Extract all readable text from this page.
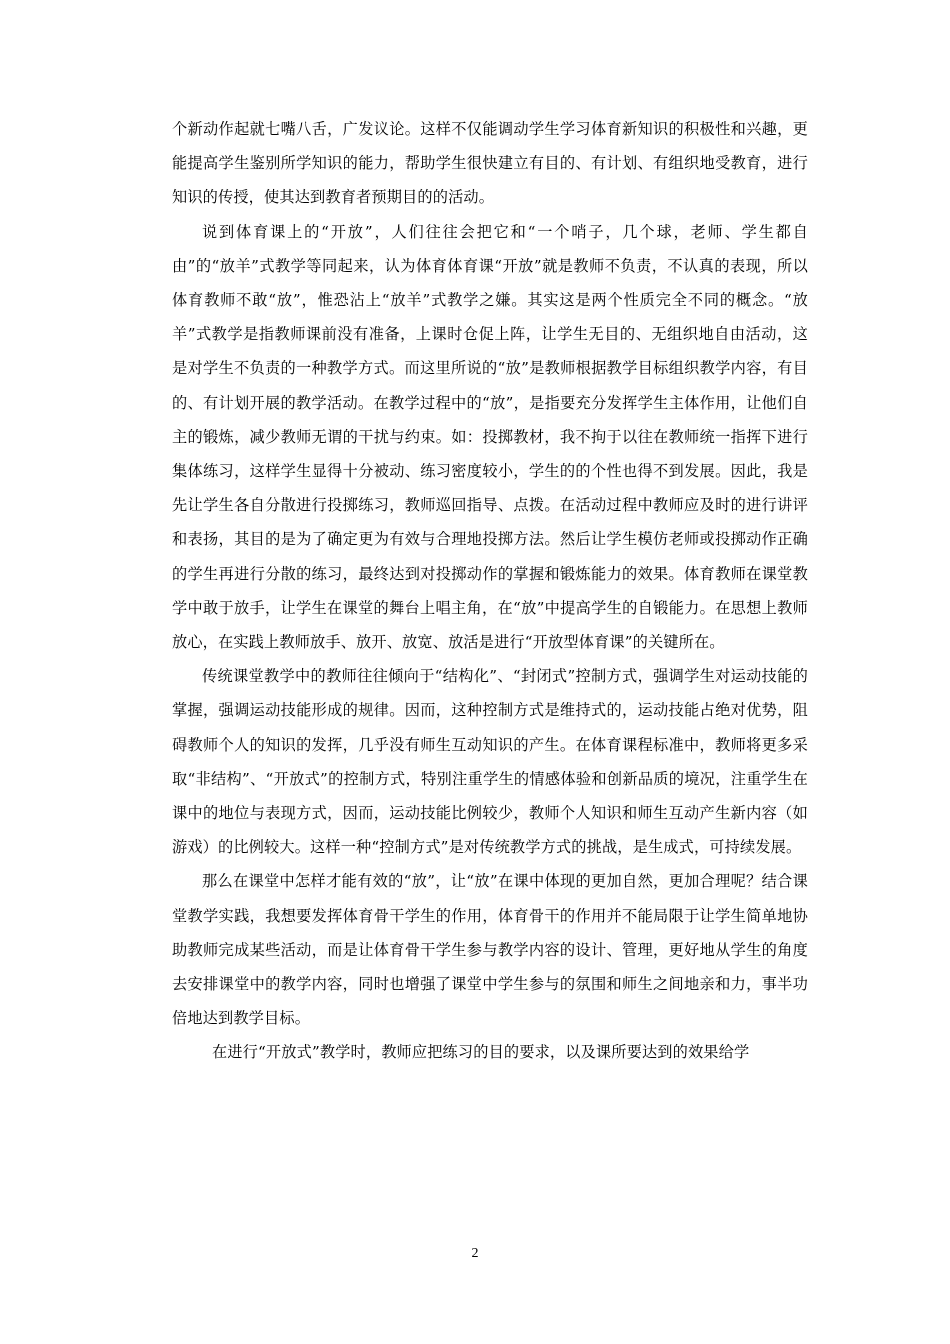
个新动作起就七嘴八舌，广发议论。这样不仅能调动学生学习体育新知识的积极性和兴趣，更能提高学生鉴别所学知识的能力，帮助学生很快建立有目的、有计划、有组织地受教育，进行知识的传授，使其达到教育者预期目的的活动。

说到体育课上的“开放”，人们往往会把它和“一个哨子，几个球，老师、学生都自由”的“放羊”式教学等同起来，认为体育体育课“开放”就是教师不负责，不认真的表现，所以体育教师不敢“放”，惟恐沾上“放羊”式教学之嫌。其实这是两个性质完全不同的概念。“放羊”式教学是指教师课前没有准备，上课时仓促上阵，让学生无目的、无组织地自由活动，这是对学生不负责的一种教学方式。而这里所说的“放”是教师根据教学目标组织教学内容，有目的、有计划开展的教学活动。在教学过程中的“放”，是指要充分发挥学生主体作用，让他们自主的锻炼，减少教师无谓的干扰与约束。如：投掷教材，我不拘于以往在教师统一指挥下进行集体练习，这样学生显得十分被动、练习密度较小，学生的的个性也得不到发展。因此，我是先让学生各自分散进行投掷练习，教师巡回指导、点拨。在活动过程中教师应及时的进行讲评和表扬，其目的是为了确定更为有效与合理地投掷方法。然后让学生模仿老师或投掷动作正确的学生再进行分散的练习，最终达到对投掷动作的掌握和锻炼能力的效果。体育教师在课堂教学中敢于放手，让学生在课堂的舞台上唱主角，在“放”中提高学生的自锻能力。在思想上教师放心，在实践上教师放手、放开、放宽、放活是进行“开放型体育课”的关键所在。

传统课堂教学中的教师往往倾向于“结构化”、“封闭式”控制方式，强调学生对运动技能的掌握，强调运动技能形成的规律。因而，这种控制方式是维持式的，运动技能占绝对优势，阻碍教师个人的知识的发挥，几乎没有师生互动知识的产生。在体育课程标准中，教师将更多采取“非结构”、“开放式”的控制方式，特别注重学生的情感体验和创新品质的境况，注重学生在课中的地位与表现方式，因而，运动技能比例较少，教师个人知识和师生互动产生新内容（如游戏）的比例较大。这样一种“控制方式”是对传统教学方式的挑战，是生成式，可持续发展。

那么在课堂中怎样才能有效的“放”，让“放”在课中体现的更加自然，更加合理呢？结合课堂教学实践，我想要发挥体育骨干学生的作用，体育骨干的作用并不能局限于让学生简单地协助教师完成某些活动，而是让体育骨干学生参与教学内容的设计、管理，更好地从学生的角度去安排课堂中的教学内容，同时也增强了课堂中学生参与的氛围和师生之间地亲和力，事半功倍地达到教学目标。

在进行“开放式”教学时，教师应把练习的目的要求，以及课所要达到的效果给学

2
